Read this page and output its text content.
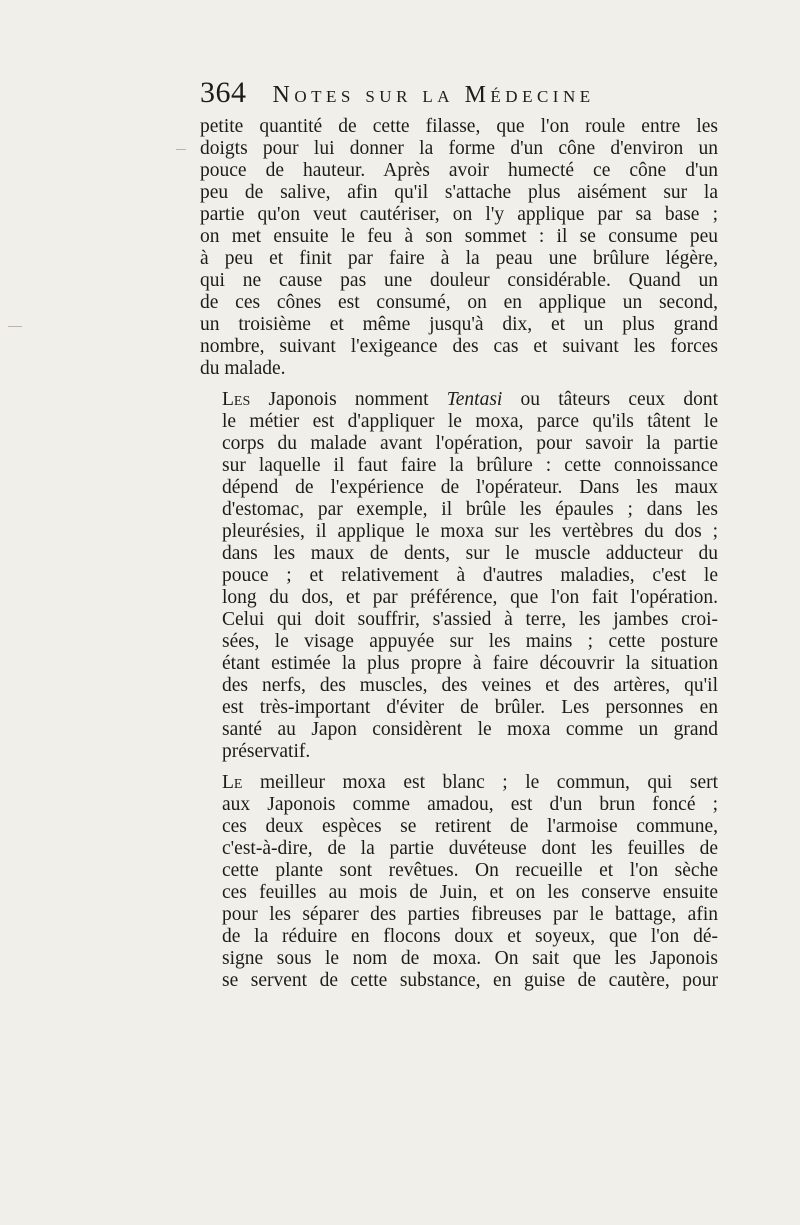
364 Notes sur la Médecine
petite quantité de cette filasse, que l'on roule entre les
doigts pour lui donner la forme d'un cône d'environ un
pouce de hauteur. Après avoir humecté ce cône d'un
peu de salive, afin qu'il s'attache plus aisément sur la
partie qu'on veut cautériser, on l'y applique par sa base ;
on met ensuite le feu à son sommet : il se consume peu
à peu et finit par faire à la peau une brûlure légère,
qui ne cause pas une douleur considérable. Quand un
de ces cônes est consumé, on en applique un second,
un troisième et même jusqu'à dix, et un plus grand
nombre, suivant l'exigeance des cas et suivant les forces
du malade.
Les Japonois nomment Tentasi ou tâteurs ceux dont
le métier est d'appliquer le moxa, parce qu'ils tâtent le
corps du malade avant l'opération, pour savoir la partie
sur laquelle il faut faire la brûlure : cette connoissance
dépend de l'expérience de l'opérateur. Dans les maux
d'estomac, par exemple, il brûle les épaules ; dans les
pleurésies, il applique le moxa sur les vertèbres du dos ;
dans les maux de dents, sur le muscle adducteur du
pouce ; et relativement à d'autres maladies, c'est le
long du dos, et par préférence, que l'on fait l'opération.
Celui qui doit souffrir, s'assied à terre, les jambes croi-
sées, le visage appuyée sur les mains ; cette posture
étant estimée la plus propre à faire découvrir la situation
des nerfs, des muscles, des veines et des artères, qu'il
est très-important d'éviter de brûler. Les personnes en
santé au Japon considèrent le moxa comme un grand
préservatif.
Le meilleur moxa est blanc ; le commun, qui sert
aux Japonois comme amadou, est d'un brun foncé ;
ces deux espèces se retirent de l'armoise commune,
c'est-à-dire, de la partie duvéteuse dont les feuilles de
cette plante sont revêtues. On recueille et l'on sèche
ces feuilles au mois de Juin, et on les conserve ensuite
pour les séparer des parties fibreuses par le battage, afin
de la réduire en flocons doux et soyeux, que l'on dé-
signe sous le nom de moxa. On sait que les Japonois
se servent de cette substance, en guise de cautère, pour
